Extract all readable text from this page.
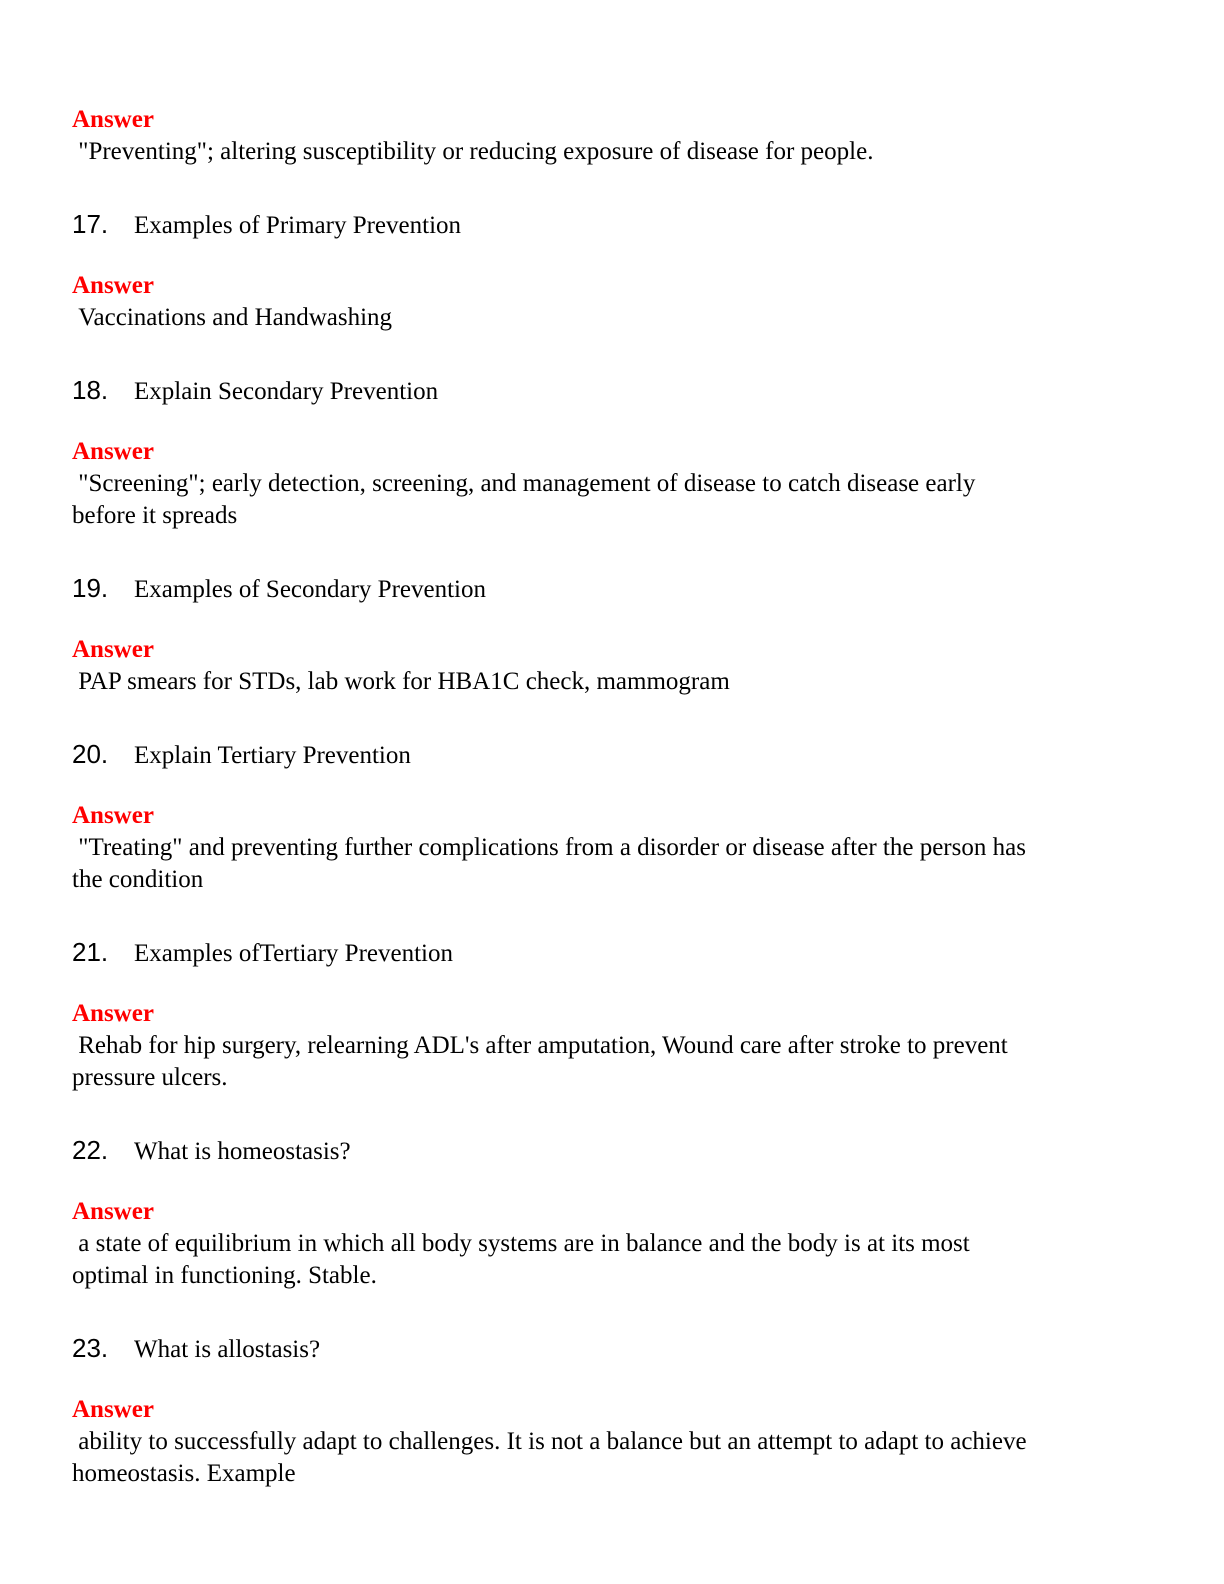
Answer
"Preventing"; altering susceptibility or reducing exposure of disease for people.
17. Examples of Primary Prevention
Answer
Vaccinations and Handwashing
18. Explain Secondary Prevention
Answer
"Screening"; early detection, screening, and management of disease to catch disease early
before it spreads
19. Examples of Secondary Prevention
Answer
PAP smears for STDs, lab work for HBA1C check, mammogram
20. Explain Tertiary Prevention
Answer
"Treating" and preventing further complications from a disorder or disease after the person has
the condition
21. Examples ofTertiary Prevention
Answer
Rehab for hip surgery, relearning ADL's after amputation, Wound care after stroke to prevent
pressure ulcers.
22. What is homeostasis?
Answer
a state of equilibrium in which all body systems are in balance and the body is at its most
optimal in functioning. Stable.
23. What is allostasis?
Answer
ability to successfully adapt to challenges. It is not a balance but an attempt to adapt to achieve
homeostasis. Example
